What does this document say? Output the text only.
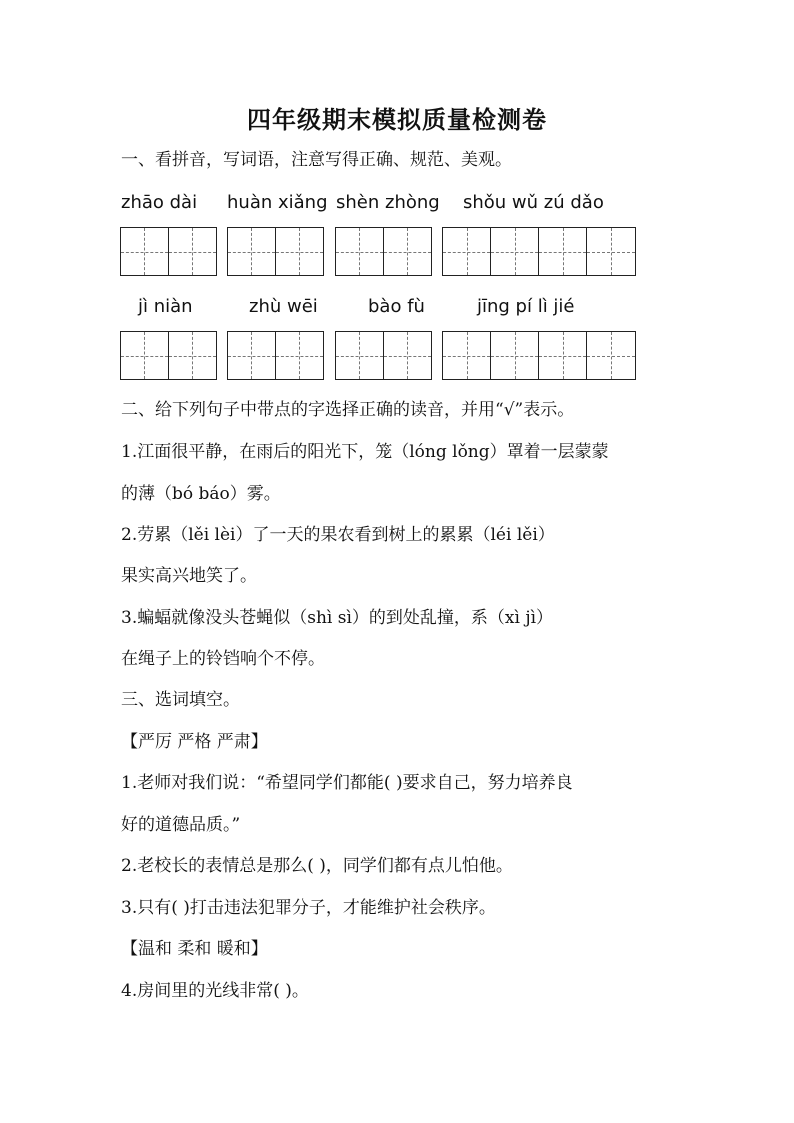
四年级期末模拟质量检测卷
一、看拼音，写词语，注意写得正确、规范、美观。
zhāo dài huàn xiǎng shèn zhòng shǒu wǔ zú dǎo
jì niàn	zhù wēi	bào fù	jīng pí lì jié
二、给下列句子中带点的字选择正确的读音，并用“√”表示。
1.江面很平静，在雨后的阳光下，笼（lóng lǒng）罩着一层蒙蒙
的薄（bó báo）雾。
2.劳累（lěi lèi）了一天的果农看到树上的累累（léi lěi）
果实高兴地笑了。
3.蝙蝠就像没头苍蝇似（shì sì）的到处乱撞，系（xì jì）
在绳子上的铃铛响个不停。
三、选词填空。
【严厉 严格 严肃】
1.老师对我们说：“希望同学们都能( )要求自己，努力培养良
好的道德品质。”
2.老校长的表情总是那么( )，同学们都有点儿怕他。
3.只有( )打击违法犯罪分子，才能维护社会秩序。
【温和 柔和 暖和】
4.房间里的光线非常( )。
